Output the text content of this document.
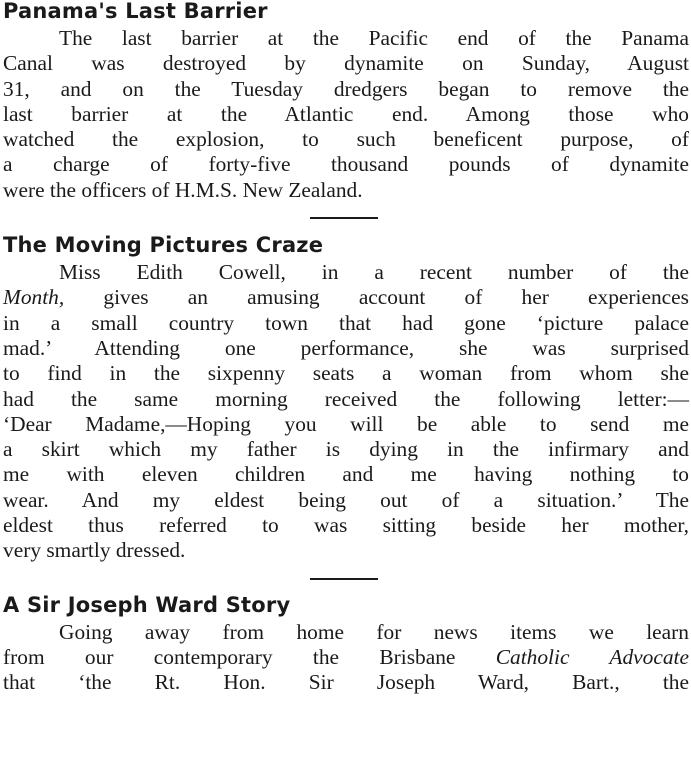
Panama's Last Barrier

The last barrier at the Pacific end of the Panama
Canal was destroyed by dynamite on Sunday, August
31, and on the Tuesday dredgers began to remove the
last barrier at the Atlantic end. Among those who
watched the explosion, to such beneficent purpose, of
a charge of forty-five thousand pounds of dynamite
were the officers of H.M.S. New Zealand.

The Moving Pictures Craze

Miss Edith Cowell, in a recent number of the
Month, gives an amusing account of her experiences
in a small country town that had gone ‘picture palace
mad.’ Attending one performance, she was surprised
to find in the sixpenny seats a woman from whom she
had the same morning received the following letter:—
‘Dear Madame,—Hoping you will be able to send me
a skirt which my father is dying in the infirmary and
me with eleven children and me having nothing to
wear. And my eldest being out of a situation.’ The
eldest thus referred to was sitting beside her mother,
very smartly dressed.

A Sir Joseph Ward Story

Going away from home for news items we learn
from our contemporary the Brisbane Catholic Advocate
that ‘the Rt. Hon. Sir Joseph Ward, Bart., the
